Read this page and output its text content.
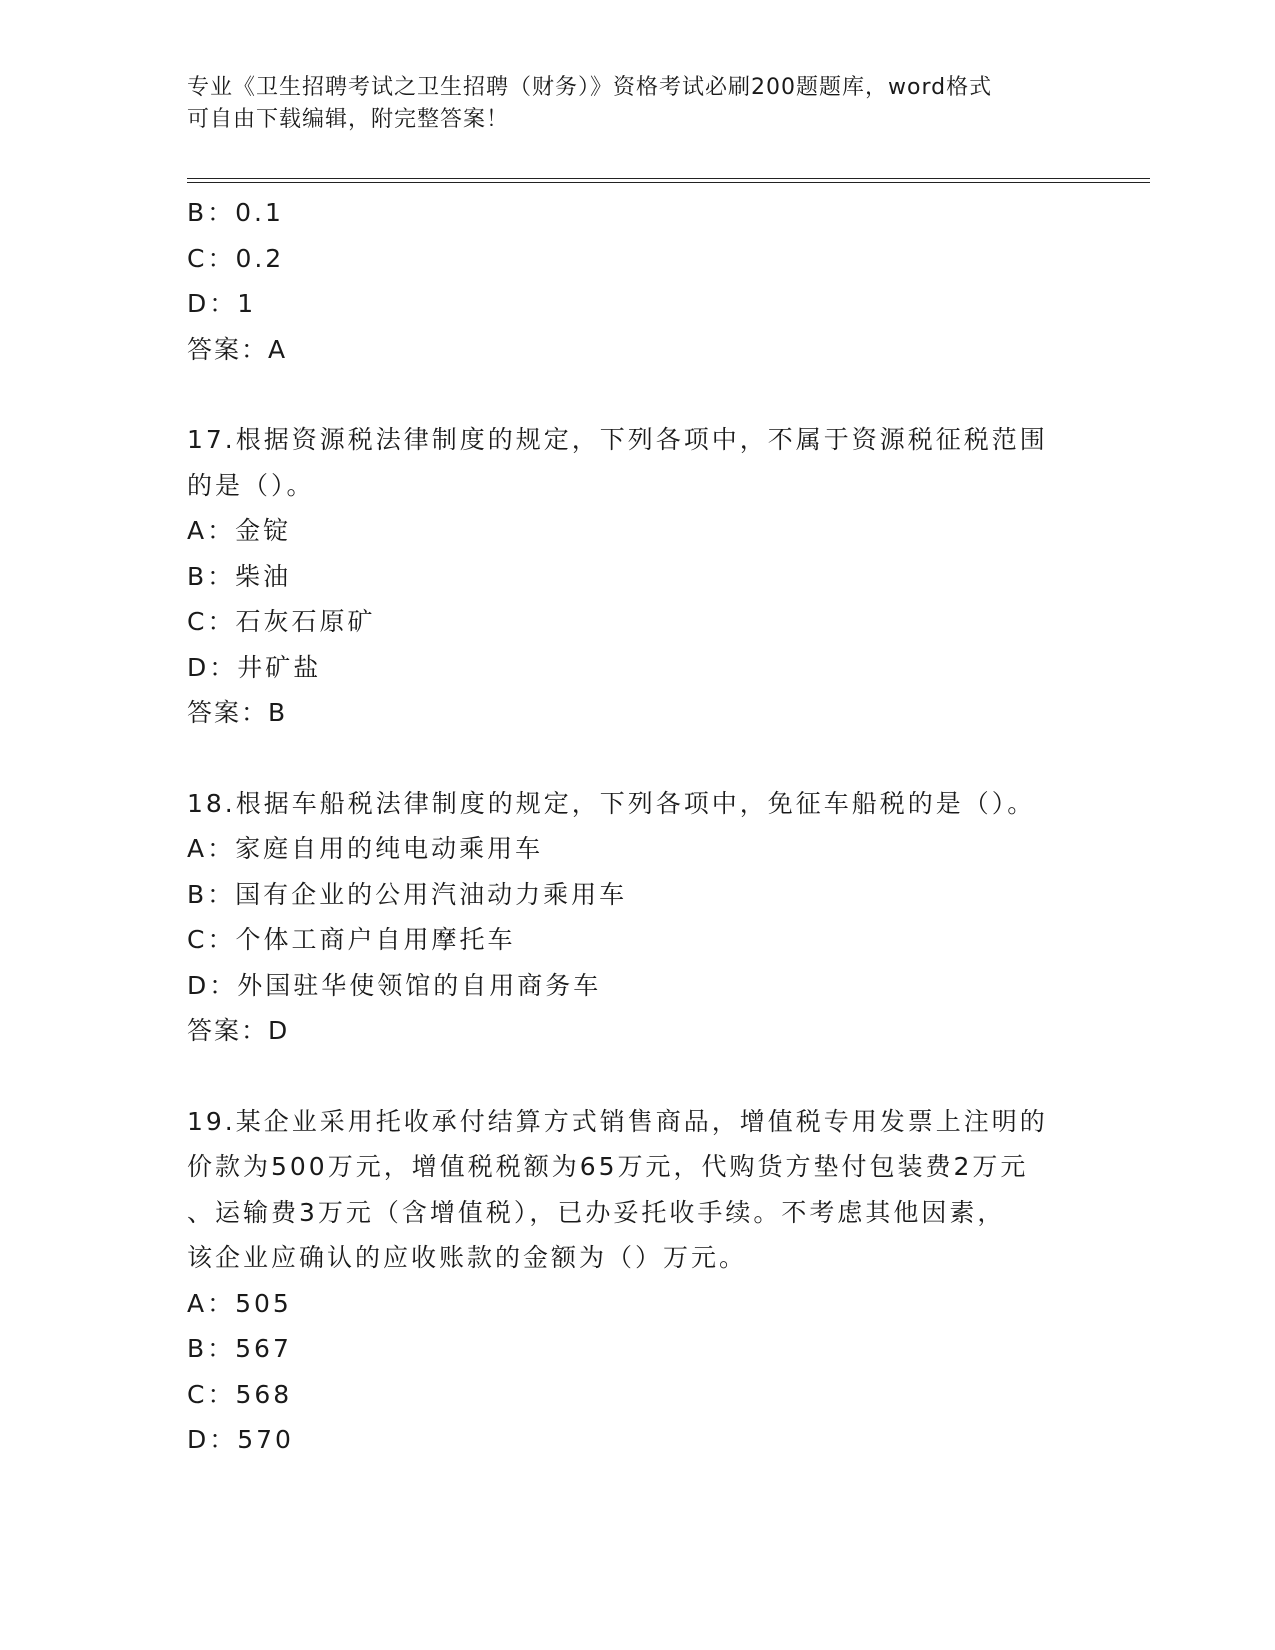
专业《卫生招聘考试之卫生招聘（财务）》资格考试必刷200题题库，word格式
可自由下载编辑，附完整答案！
B：0.1
C：0.2
D：1
答案：A
17.根据资源税法律制度的规定，下列各项中，不属于资源税征税范围
的是（）。
A：金锭
B：柴油
C：石灰石原矿
D：井矿盐
答案：B
18.根据车船税法律制度的规定，下列各项中，免征车船税的是（）。
A：家庭自用的纯电动乘用车
B：国有企业的公用汽油动力乘用车
C：个体工商户自用摩托车
D：外国驻华使领馆的自用商务车
答案：D
19.某企业采用托收承付结算方式销售商品，增值税专用发票上注明的
价款为500万元，增值税税额为65万元，代购货方垫付包装费2万元
、运输费3万元（含增值税），已办妥托收手续。不考虑其他因素，
该企业应确认的应收账款的金额为（）万元。
A：505
B：567
C：568
D：570
